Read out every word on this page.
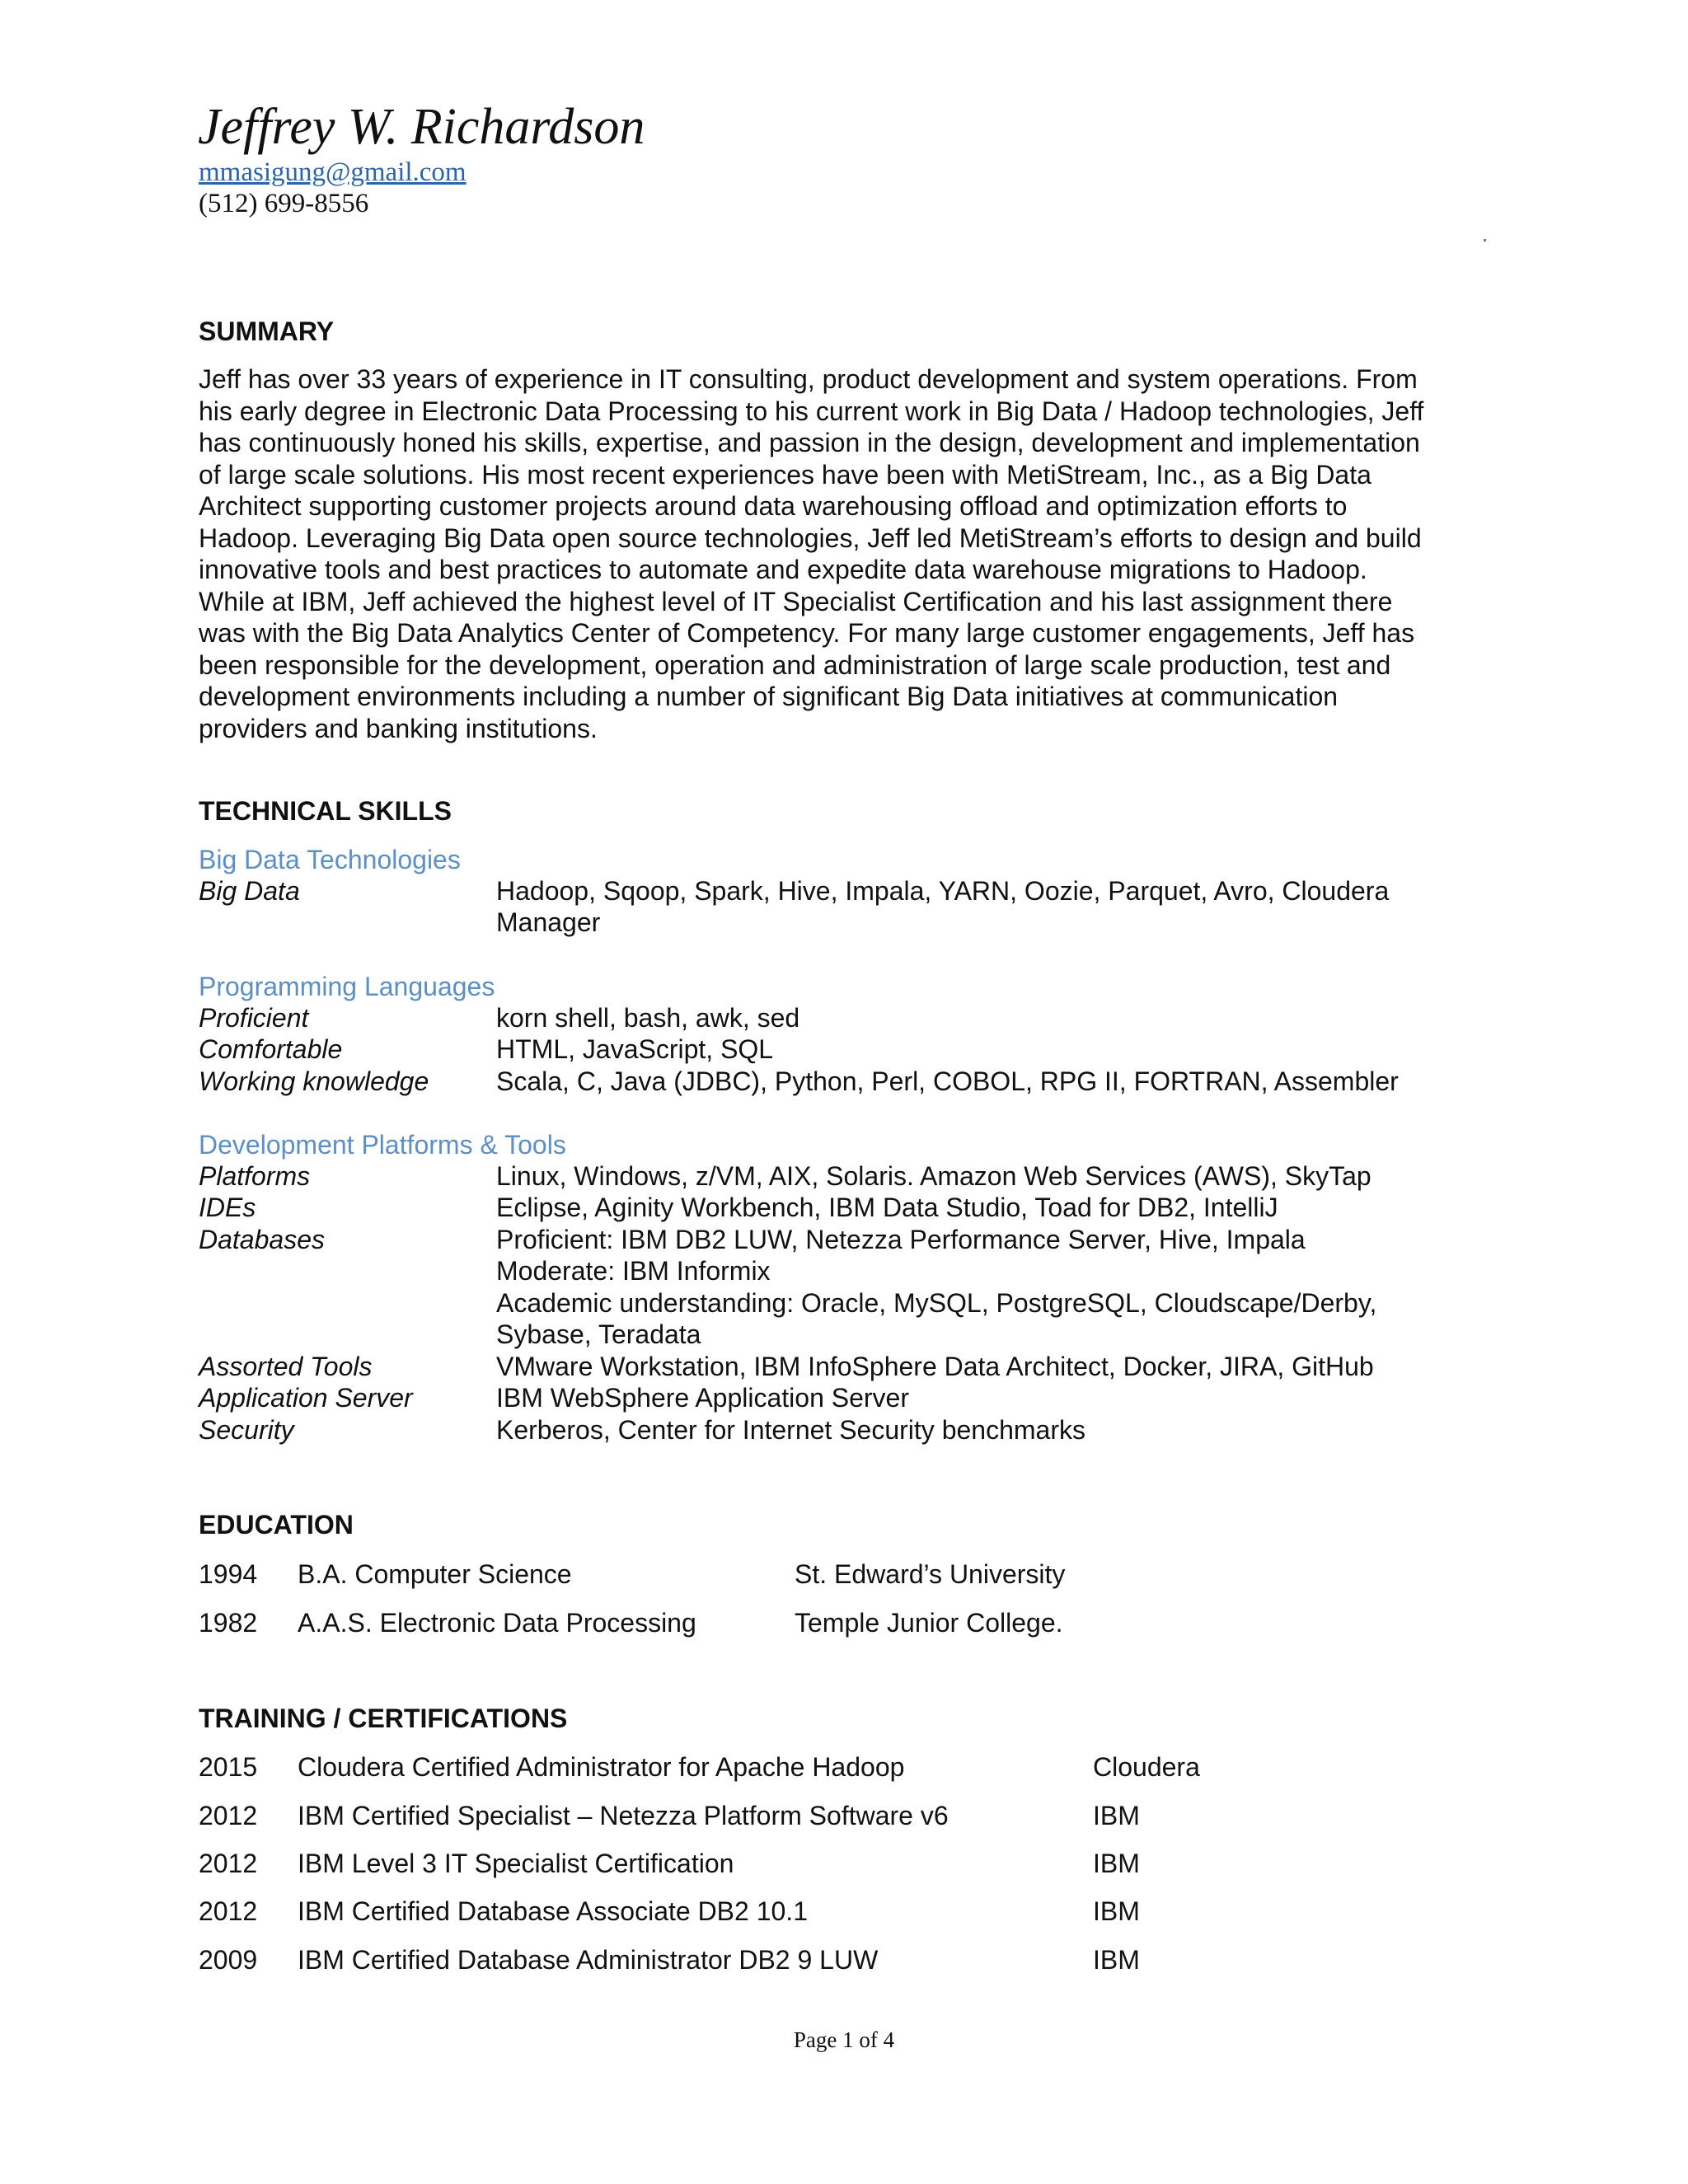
Jeffrey W. Richardson
mmasigung@gmail.com
(512) 699-8556
SUMMARY
Jeff has over 33 years of experience in IT consulting, product development and system operations. From
his early degree in Electronic Data Processing to his current work in Big Data / Hadoop technologies, Jeff
has continuously honed his skills, expertise, and passion in the design, development and implementation
of large scale solutions. His most recent experiences have been with MetiStream, Inc., as a Big Data
Architect supporting customer projects around data warehousing offload and optimization efforts to
Hadoop. Leveraging Big Data open source technologies, Jeff led MetiStream’s efforts to design and build
innovative tools and best practices to automate and expedite data warehouse migrations to Hadoop.
While at IBM, Jeff achieved the highest level of IT Specialist Certification and his last assignment there
was with the Big Data Analytics Center of Competency. For many large customer engagements, Jeff has
been responsible for the development, operation and administration of large scale production, test and
development environments including a number of significant Big Data initiatives at communication
providers and banking institutions.
TECHNICAL SKILLS
Big Data Technologies
Big Data	Hadoop, Sqoop, Spark, Hive, Impala, YARN, Oozie, Parquet, Avro, Cloudera
Manager
Programming Languages
Proficient	korn shell, bash, awk, sed
Comfortable	HTML, JavaScript, SQL
Working knowledge	Scala, C, Java (JDBC), Python, Perl, COBOL, RPG II, FORTRAN, Assembler
Development Platforms & Tools
Platforms	Linux, Windows, z/VM, AIX, Solaris. Amazon Web Services (AWS), SkyTap
IDEs	Eclipse, Aginity Workbench, IBM Data Studio, Toad for DB2, IntelliJ
Databases	Proficient: IBM DB2 LUW, Netezza Performance Server, Hive, Impala
Moderate: IBM Informix
Academic understanding: Oracle, MySQL, PostgreSQL, Cloudscape/Derby,
Sybase, Teradata
Assorted Tools	VMware Workstation, IBM InfoSphere Data Architect, Docker, JIRA, GitHub
Application Server	IBM WebSphere Application Server
Security	Kerberos, Center for Internet Security benchmarks
EDUCATION
1994 B.A. Computer Science	St. Edward’s University
1982 A.A.S. Electronic Data Processing	Temple Junior College.
TRAINING / CERTIFICATIONS
2015 Cloudera Certified Administrator for Apache Hadoop	Cloudera
2012 IBM Certified Specialist – Netezza Platform Software v6	IBM
2012 IBM Level 3 IT Specialist Certification	IBM
2012 IBM Certified Database Associate DB2 10.1	IBM
2009 IBM Certified Database Administrator DB2 9 LUW	IBM
Page 1 of 4
